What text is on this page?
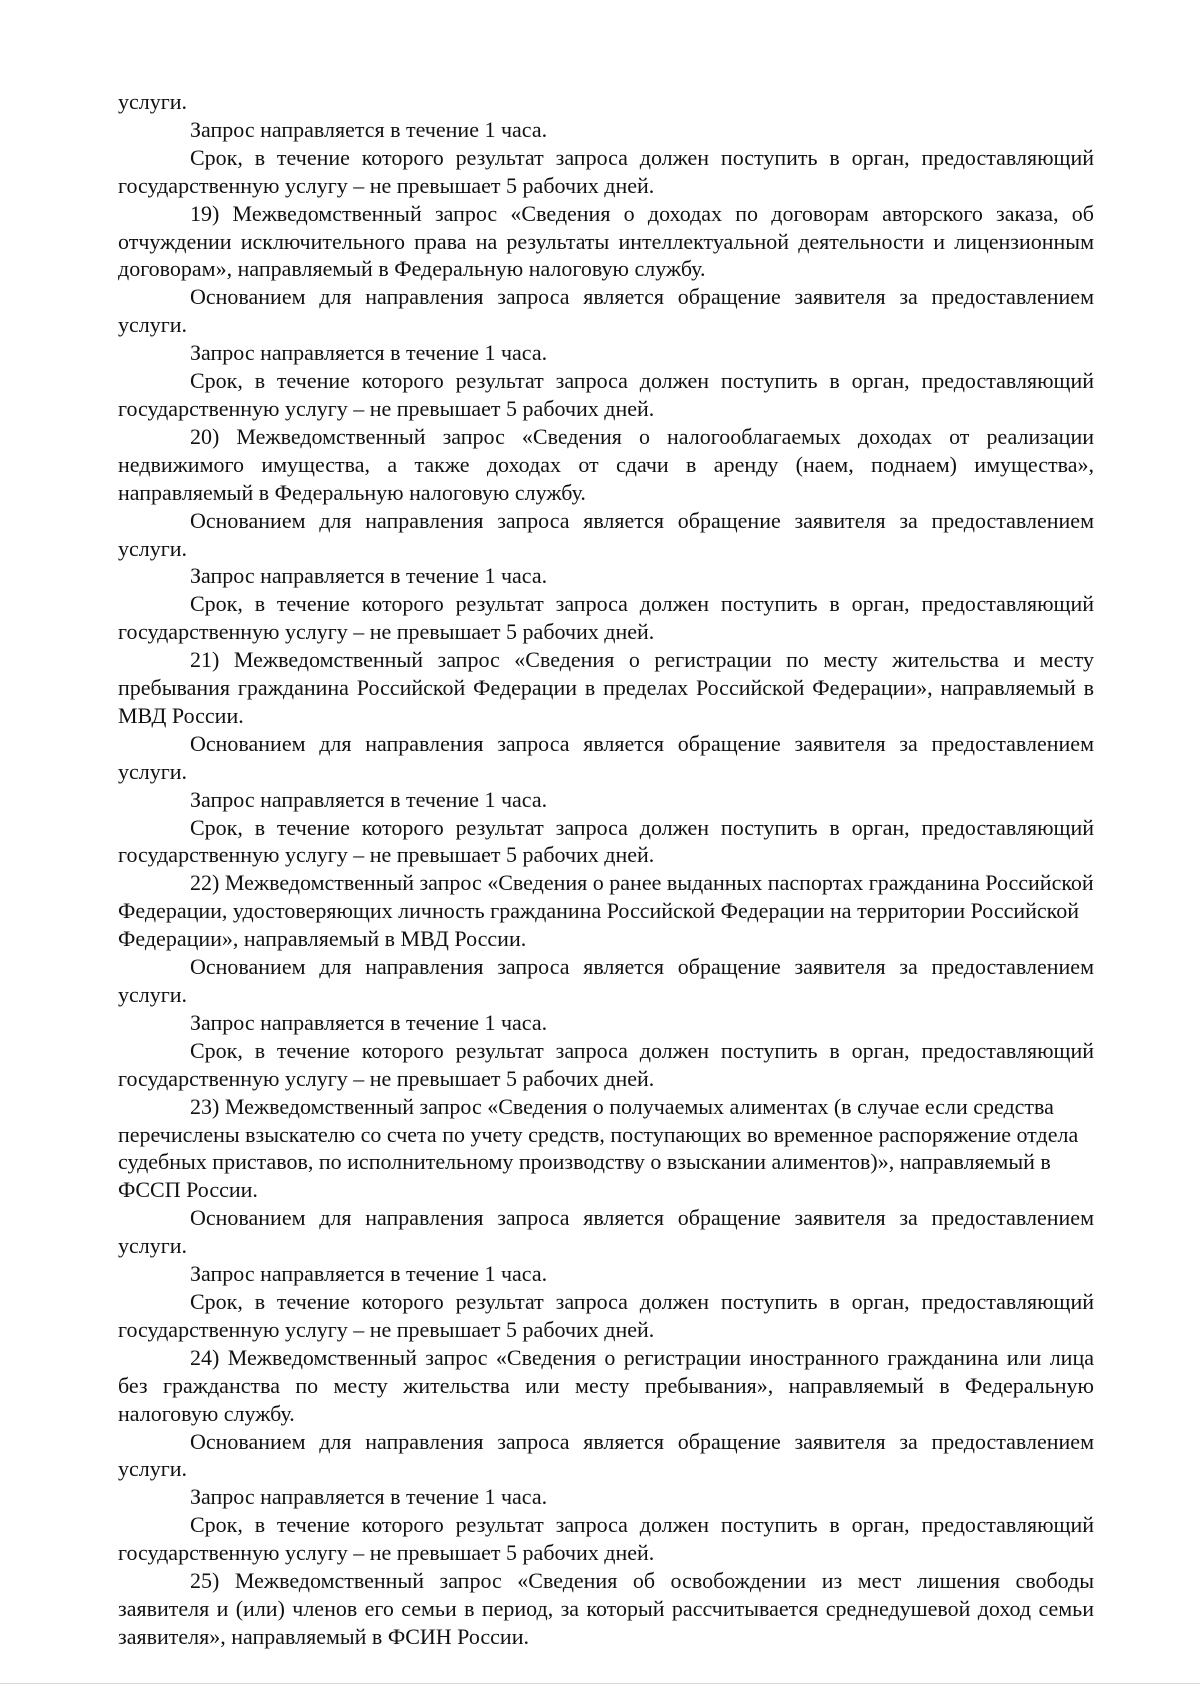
услуги.

Запрос направляется в течение 1 часа.

Срок, в течение которого результат запроса должен поступить в орган, предоставляющий государственную услугу – не превышает 5 рабочих дней.

19) Межведомственный запрос «Сведения о доходах по договорам авторского заказа, об отчуждении исключительного права на результаты интеллектуальной деятельности и лицензионным договорам», направляемый в Федеральную налоговую службу.

Основанием для направления запроса является обращение заявителя за предоставлением услуги.

Запрос направляется в течение 1 часа.

Срок, в течение которого результат запроса должен поступить в орган, предоставляющий государственную услугу – не превышает 5 рабочих дней.

20) Межведомственный запрос «Сведения о налогооблагаемых доходах от реализации недвижимого имущества, а также доходах от сдачи в аренду (наем, поднаем) имущества», направляемый в Федеральную налоговую службу.

Основанием для направления запроса является обращение заявителя за предоставлением услуги.

Запрос направляется в течение 1 часа.

Срок, в течение которого результат запроса должен поступить в орган, предоставляющий государственную услугу – не превышает 5 рабочих дней.

21) Межведомственный запрос «Сведения о регистрации по месту жительства и месту пребывания гражданина Российской Федерации в пределах Российской Федерации», направляемый в МВД России.

Основанием для направления запроса является обращение заявителя за предоставлением услуги.

Запрос направляется в течение 1 часа.

Срок, в течение которого результат запроса должен поступить в орган, предоставляющий государственную услугу – не превышает 5 рабочих дней.

22) Межведомственный запрос «Сведения о ранее выданных паспортах гражданина Российской Федерации, удостоверяющих личность гражданина Российской Федерации на территории Российской Федерации», направляемый в МВД России.

Основанием для направления запроса является обращение заявителя за предоставлением услуги.

Запрос направляется в течение 1 часа.

Срок, в течение которого результат запроса должен поступить в орган, предоставляющий государственную услугу – не превышает 5 рабочих дней.

23) Межведомственный запрос «Сведения о получаемых алиментах (в случае если средства перечислены взыскателю со счета по учету средств, поступающих во временное распоряжение отдела судебных приставов, по исполнительному производству о взыскании алиментов)», направляемый в ФССП России.

Основанием для направления запроса является обращение заявителя за предоставлением услуги.

Запрос направляется в течение 1 часа.

Срок, в течение которого результат запроса должен поступить в орган, предоставляющий государственную услугу – не превышает 5 рабочих дней.

24) Межведомственный запрос «Сведения о регистрации иностранного гражданина или лица без гражданства по месту жительства или месту пребывания», направляемый в Федеральную налоговую службу.

Основанием для направления запроса является обращение заявителя за предоставлением услуги.

Запрос направляется в течение 1 часа.

Срок, в течение которого результат запроса должен поступить в орган, предоставляющий государственную услугу – не превышает 5 рабочих дней.

25) Межведомственный запрос «Сведения об освобождении из мест лишения свободы заявителя и (или) членов его семьи в период, за который рассчитывается среднедушевой доход семьи заявителя», направляемый в ФСИН России.
